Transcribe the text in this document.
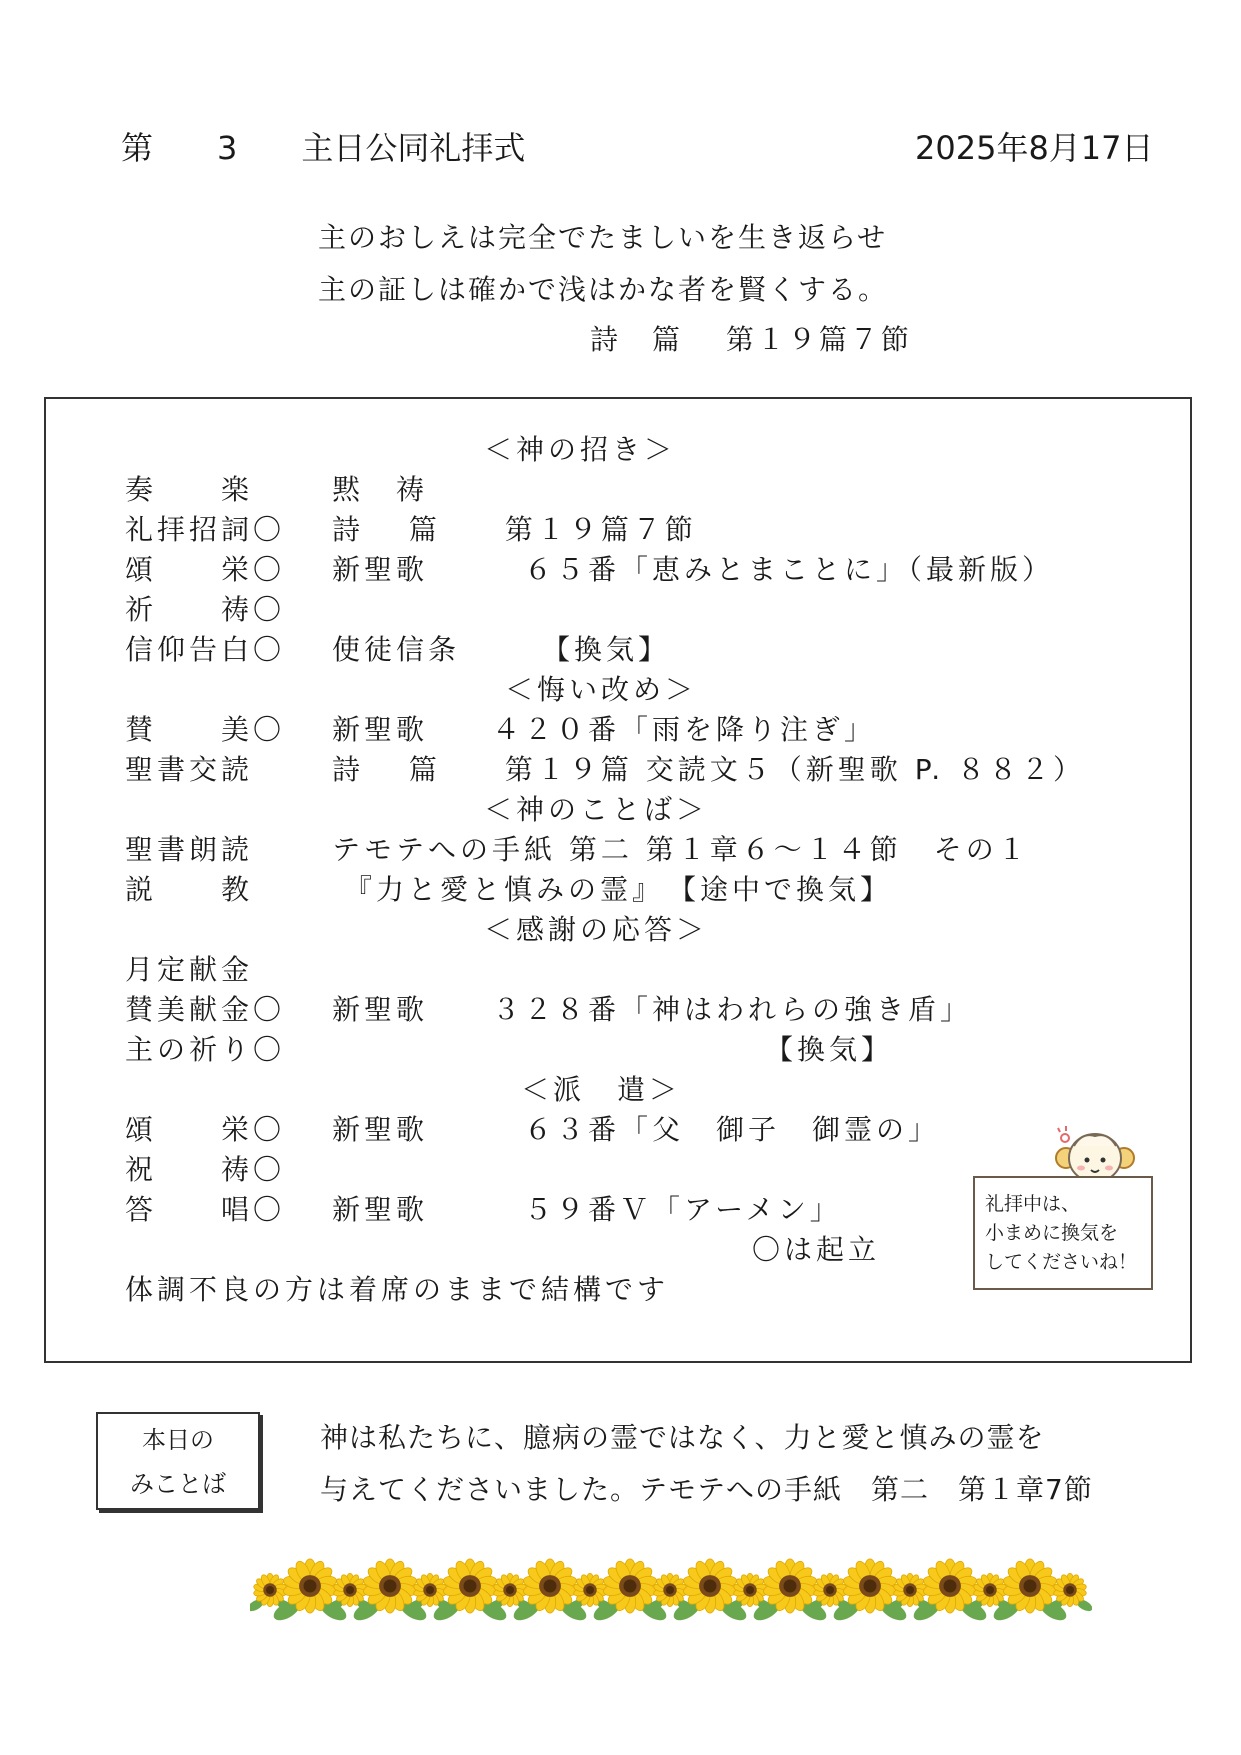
第　　3　　主日公同礼拝式	2025年8月17日
主のおしえは完全でたましいを生き返らせ
主の証しは確かで浅はかな者を賢くする。
詩　篇　 第１９篇７節
＜神の招き＞
奏　　楽	黙　祷
礼拝招詞〇 詩　 篇　　第１９篇７節
頌　　栄〇 新聖歌　　　６５番「恵みとまことに」（最新版）
祈　　祷〇
信仰告白〇 使徒信条　　　【換気】
＜悔い改め＞
賛　　美〇 新聖歌　　４２０番「雨を降り注ぎ」
聖書交読	詩　 篇　　第１９篇 交読文５（新聖歌 P. ８８２）
＜神のことば＞
聖書朗読	テモテへの手紙 第二 第１章６～１４節　その１
説　　教	『力と愛と慎みの霊』　【途中で換気】
＜感謝の応答＞
月定献金
賛美献金〇 新聖歌　　３２８番「神はわれらの強き盾」
主の祈り〇	【換気】
＜派　遣＞
頌　　栄〇 新聖歌　　　６３番「父　御子　御霊の」
祝　　祷〇
答　　唱〇 新聖歌　　　５９番Ｖ「アーメン」
〇は起立
体調不良の方は着席のままで結構です
礼拝中は、
小まめに換気を
してくださいね！
本日の
みことば
神は私たちに、臆病の霊ではなく、力と愛と慎みの霊を
与えてくださいました。テモテへの手紙　第二　第１章7節
